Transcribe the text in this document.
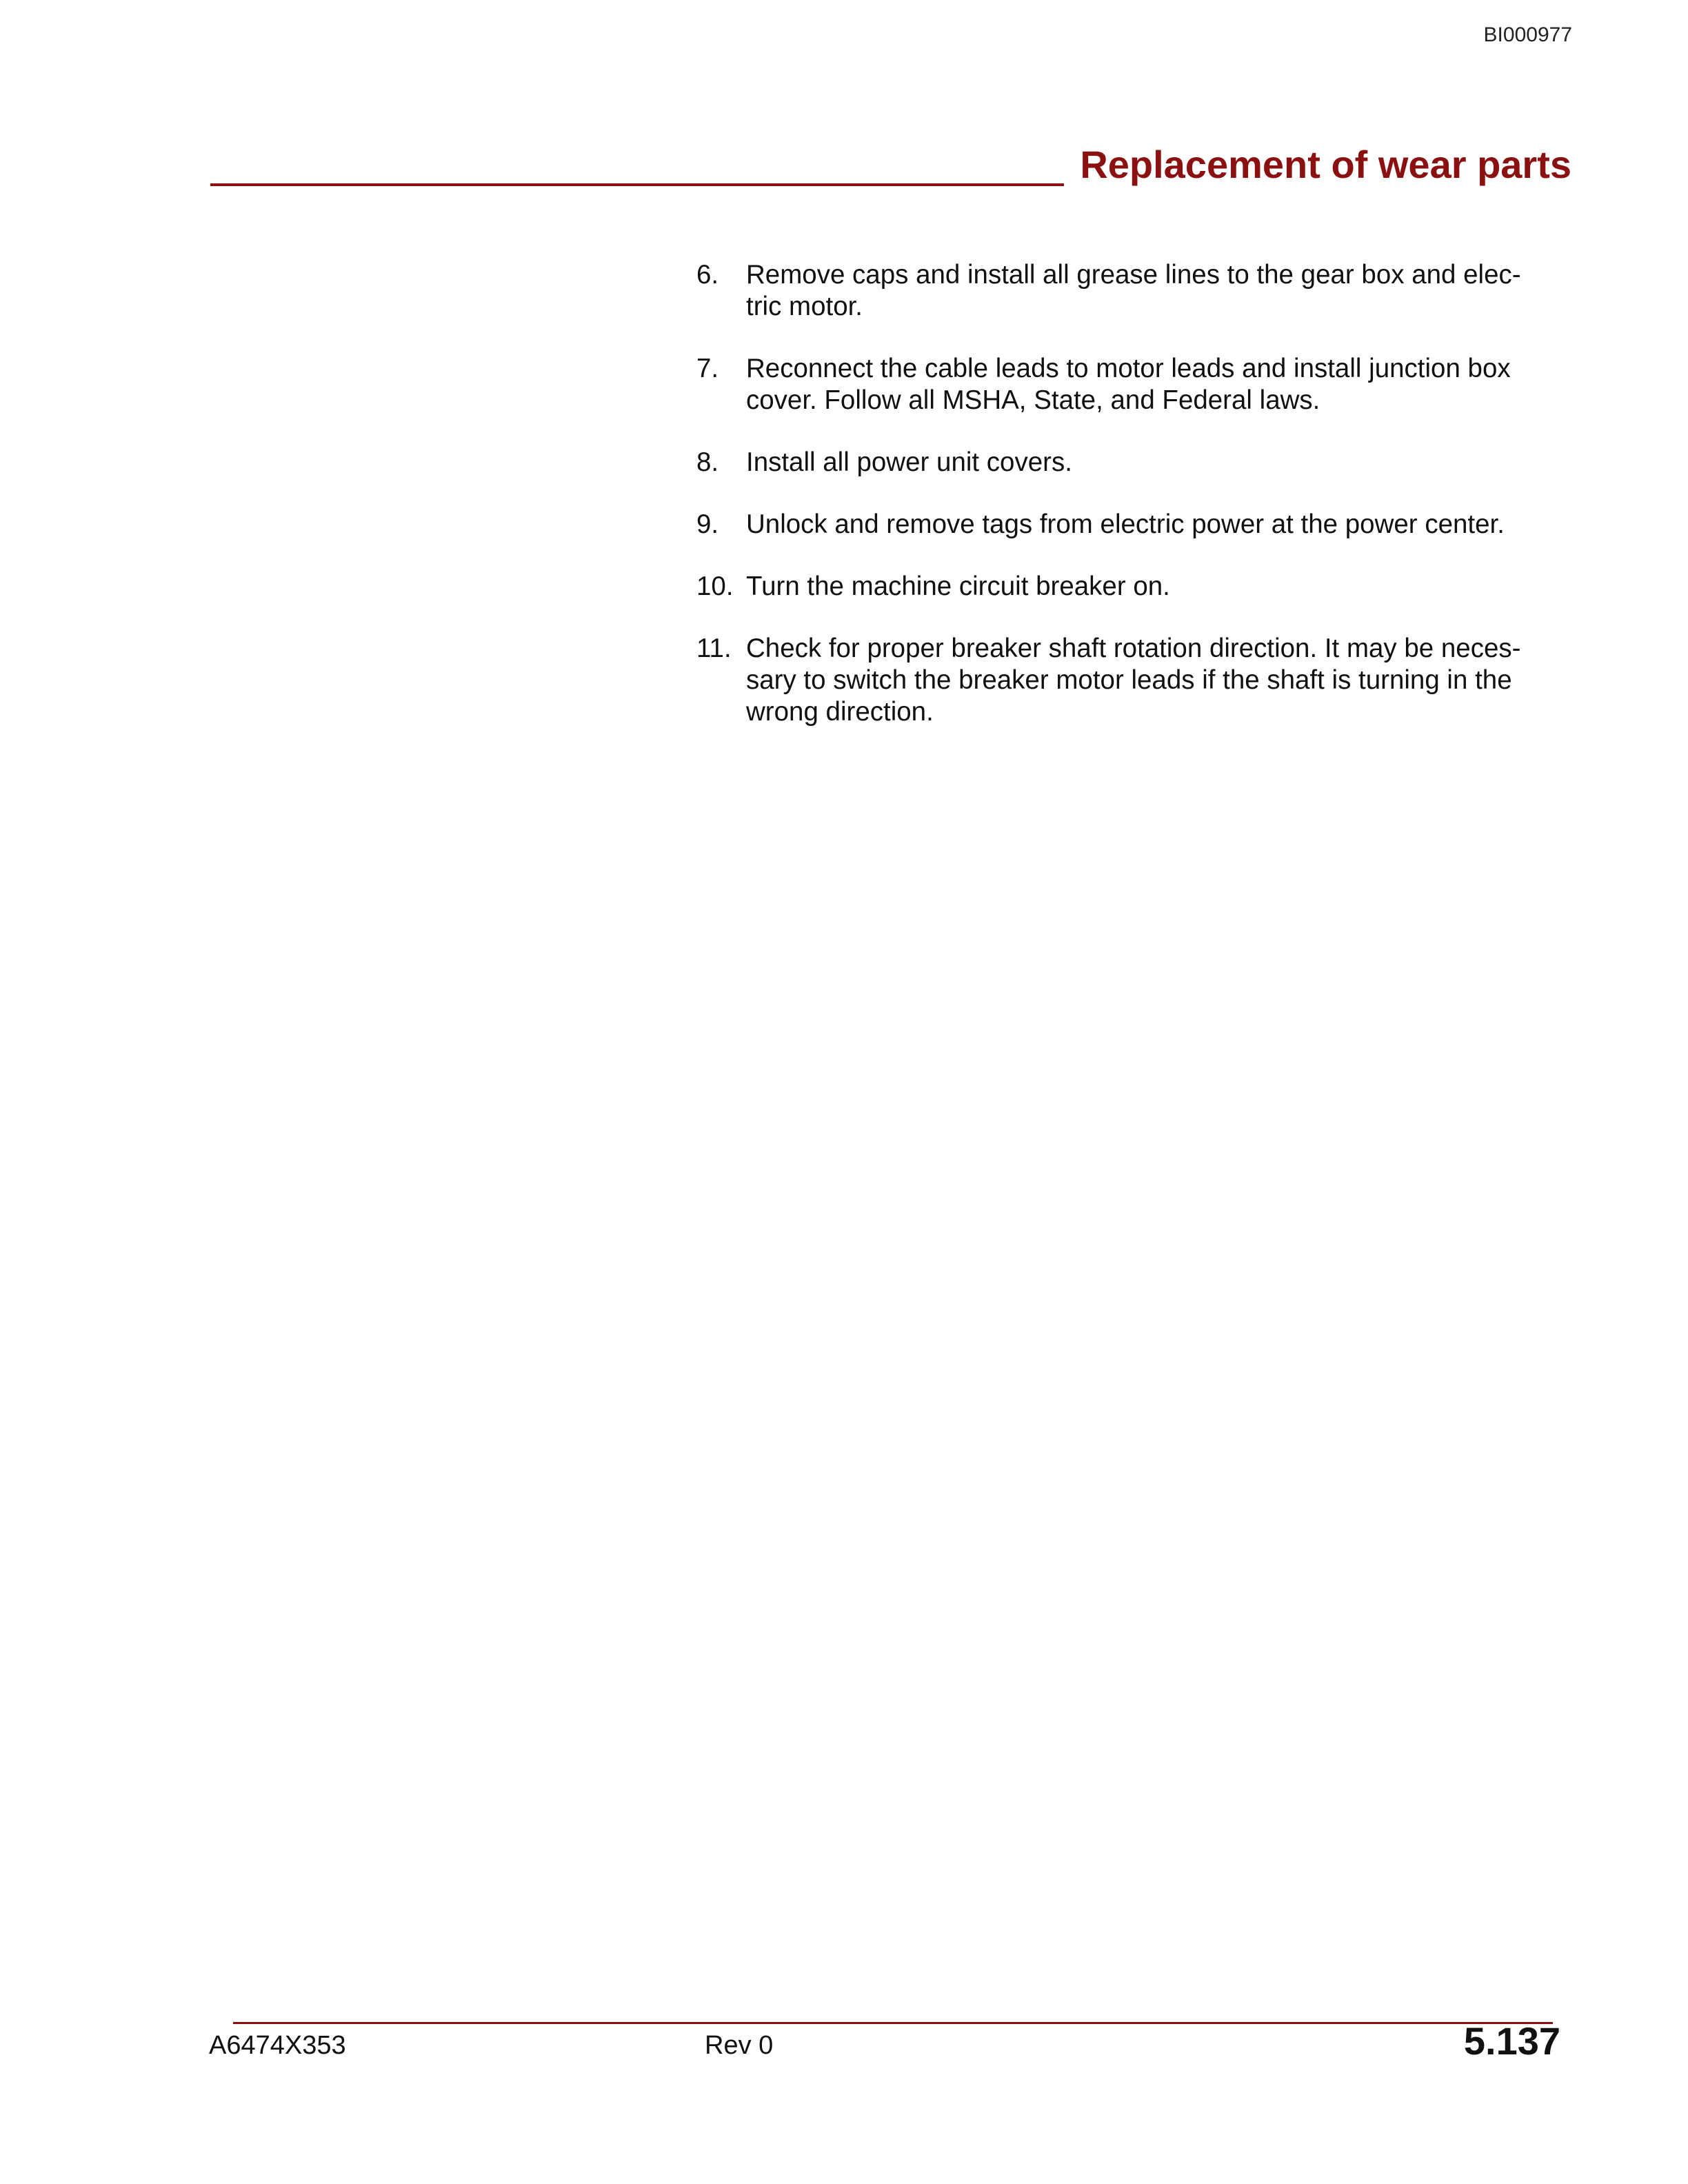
BI000977
Replacement of wear parts
6.	Remove caps and install all grease lines to the gear box and elec-
tric motor.
7.	Reconnect the cable leads to motor leads and install junction box
cover. Follow all MSHA, State, and Federal laws.
8.	Install all power unit covers.
9.	Unlock and remove tags from electric power at the power center.
10. Turn the machine circuit breaker on.
11. Check for proper breaker shaft rotation direction. It may be neces-
sary to switch the breaker motor leads if the shaft is turning in the
wrong direction.
A6474X353	Rev 0	5.137
